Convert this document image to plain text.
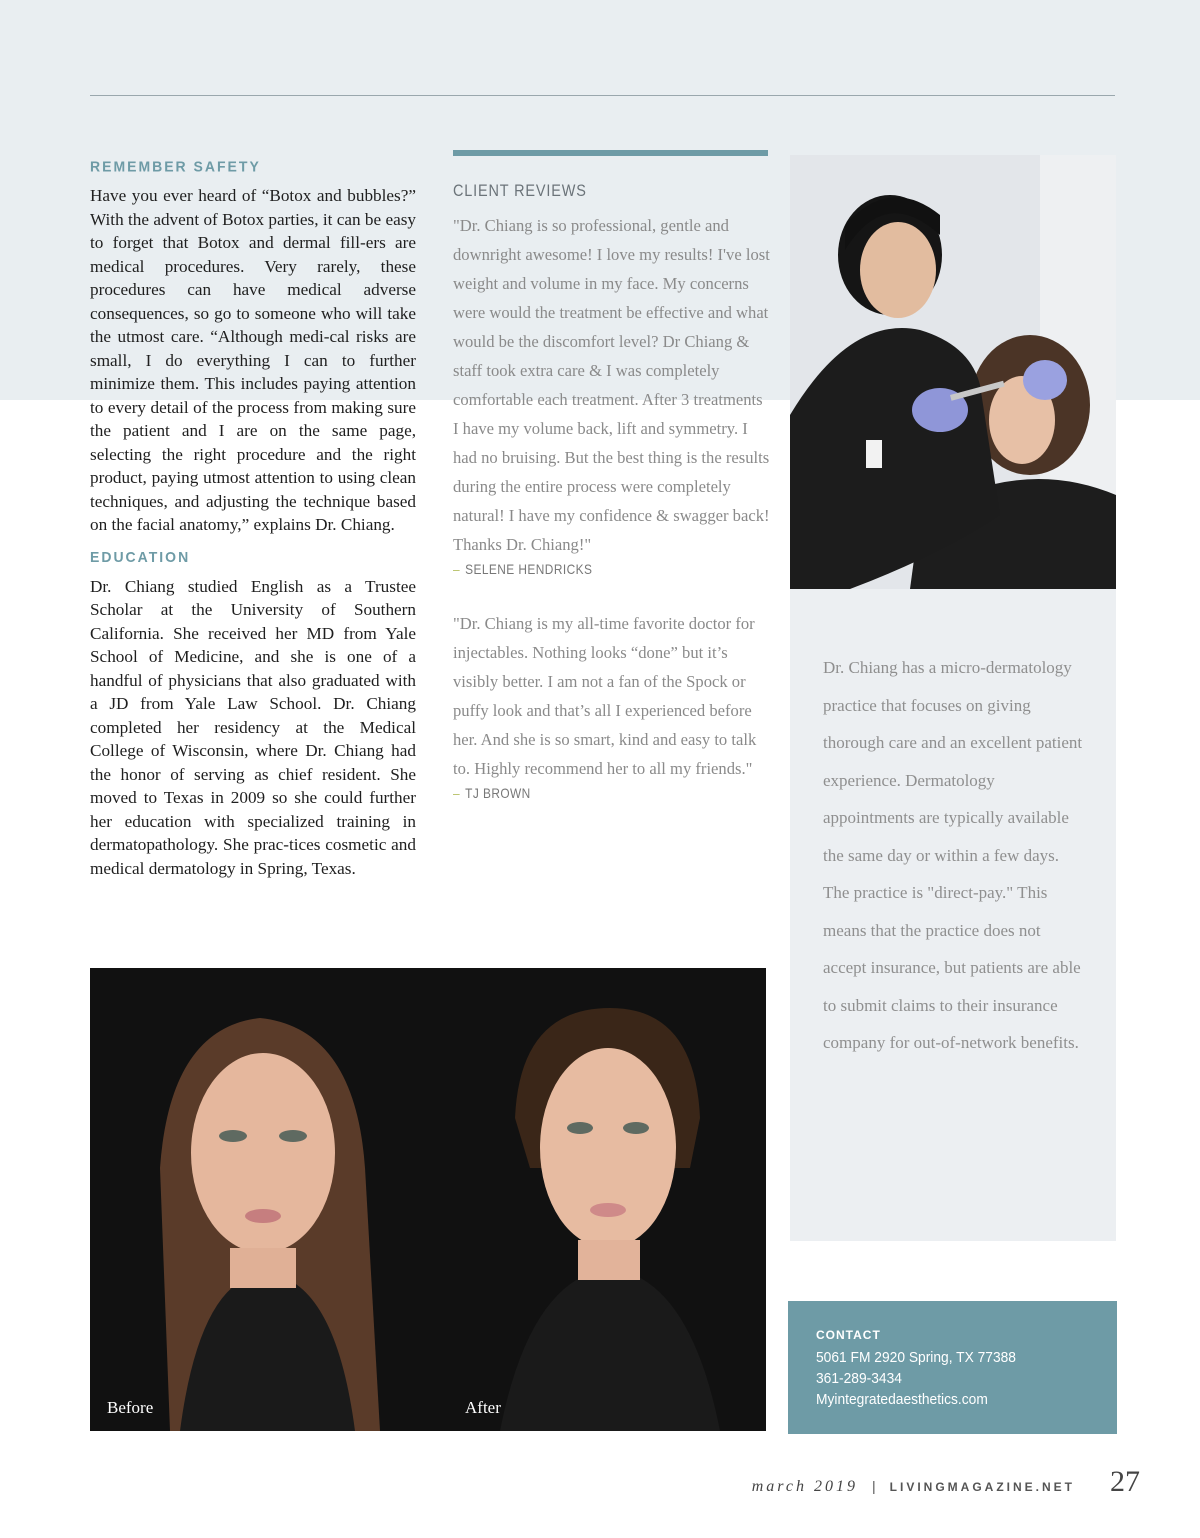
REMEMBER SAFETY

Have you ever heard of “Botox and bubbles?” With the advent of Botox parties, it can be easy to forget that Botox and dermal fill-ers are medical procedures. Very rarely, these procedures can have medical adverse consequences, so go to someone who will take the utmost care. “Although medi-cal risks are small, I do everything I can to further minimize them. This includes paying attention to every detail of the process from making sure the patient and I are on the same page, selecting the right procedure and the right product, paying utmost attention to using clean techniques, and adjusting the technique based on the facial anatomy,” explains Dr. Chiang.

EDUCATION

Dr. Chiang studied English as a Trustee Scholar at the University of Southern California. She received her MD from Yale School of Medicine, and she is one of a handful of physicians that also graduated with a JD from Yale Law School. Dr. Chiang completed her residency at the Medical College of Wisconsin, where Dr. Chiang had the honor of serving as chief resident. She moved to Texas in 2009 so she could further her education with specialized training in dermatopathology. She prac-tices cosmetic and medical dermatology in Spring, Texas.

CLIENT REVIEWS

"Dr. Chiang is so professional, gentle and downright awesome! I love my results! I've lost weight and volume in my face. My concerns were would the treatment be effective and what would be the discomfort level? Dr Chiang & staff took extra care & I was completely comfortable each treatment. After 3 treatments I have my volume back, lift and symmetry. I had no bruising. But the best thing is the results during the entire process were completely natural! I have my confidence & swagger back! Thanks Dr. Chiang!"

– SELENE HENDRICKS

"Dr. Chiang is my all-time favorite doctor for injectables. Nothing looks “done” but it’s visibly better. I am not a fan of the Spock or puffy look and that’s all I experienced before her. And she is so smart, kind and easy to talk to. Highly recommend her to all my friends."

– TJ BROWN
Dr. Chiang has a micro-dermatology practice that focuses on giving thorough care and an excellent patient experience. Dermatology appointments are typically available the same day or within a few days. The practice is "direct-pay." This means that the practice does not accept insurance, but patients are able to submit claims to their insurance company for out-of-network benefits.
Before	After
CONTACT
5061 FM 2920 Spring, TX 77388
361-289-3434
Myintegratedaesthetics.com
march 2019 | LIVINGMAGAZINE.NET 27
